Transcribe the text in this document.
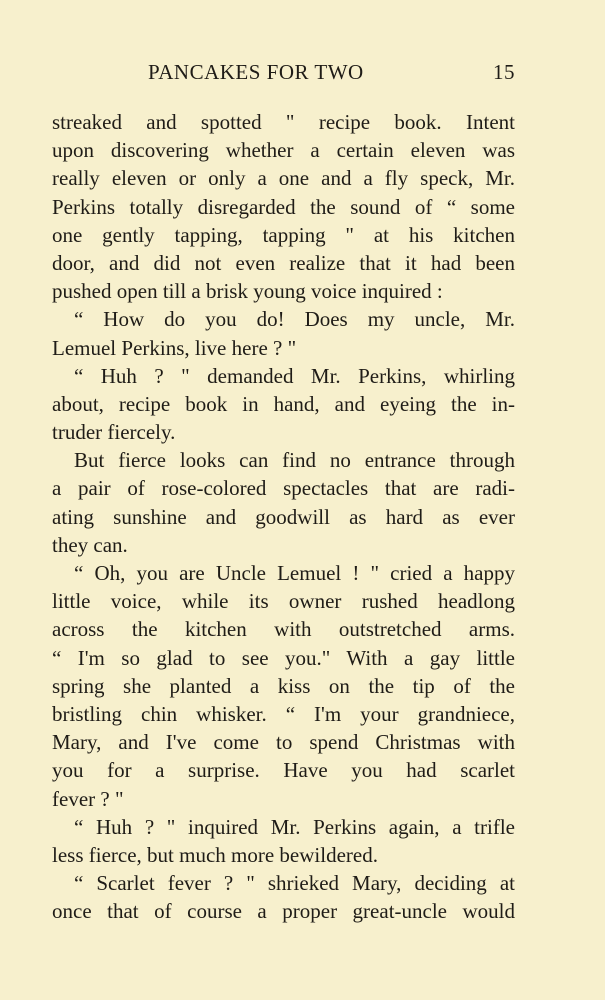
PANCAKES FOR TWO	15
streaked and spotted " recipe book. Intent
upon discovering whether a certain eleven was
really eleven or only a one and a fly speck, Mr.
Perkins totally disregarded the sound of “ some
one gently tapping, tapping " at his kitchen
door, and did not even realize that it had been
pushed open till a brisk young voice inquired :
“ How do you do! Does my uncle, Mr.
Lemuel Perkins, live here ? "
“ Huh ? " demanded Mr. Perkins, whirling
about, recipe book in hand, and eyeing the in-
truder fiercely.
But fierce looks can find no entrance through
a pair of rose-colored spectacles that are radi-
ating sunshine and goodwill as hard as ever
they can.
“ Oh, you are Uncle Lemuel ! " cried a happy
little voice, while its owner rushed headlong
across the kitchen with outstretched arms.
“ I'm so glad to see you." With a gay little
spring she planted a kiss on the tip of the
bristling chin whisker. “ I'm your grandniece,
Mary, and I've come to spend Christmas with
you for a surprise. Have you had scarlet
fever ? "
“ Huh ? " inquired Mr. Perkins again, a trifle
less fierce, but much more bewildered.
“ Scarlet fever ? " shrieked Mary, deciding at
once that of course a proper great-uncle would
